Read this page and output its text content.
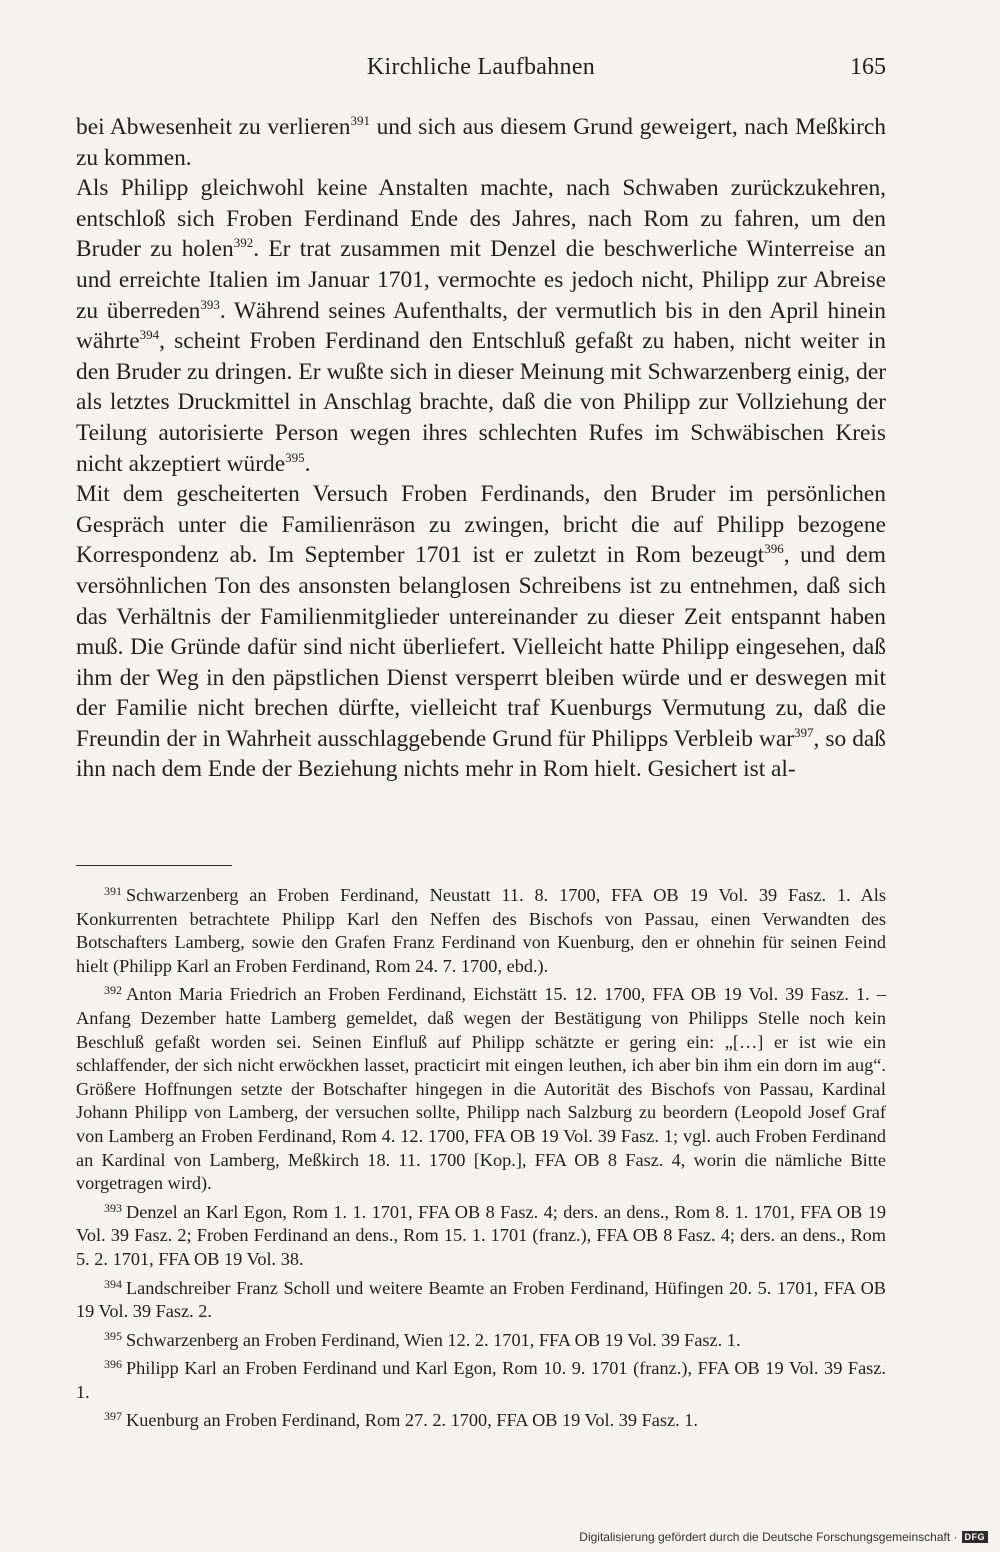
Kirchliche Laufbahnen	165

bei Abwesenheit zu verlieren$^{391}$ und sich aus diesem Grund geweigert, nach Meßkirch zu kommen.

Als Philipp gleichwohl keine Anstalten machte, nach Schwaben zurückzukehren, entschloß sich Froben Ferdinand Ende des Jahres, nach Rom zu fahren, um den Bruder zu holen$^{392}$. Er trat zusammen mit Denzel die beschwerliche Winterreise an und erreichte Italien im Januar 1701, vermochte es jedoch nicht, Philipp zur Abreise zu überreden$^{393}$. Während seines Aufenthalts, der vermutlich bis in den April hinein währte$^{394}$, scheint Froben Ferdinand den Entschluß gefaßt zu haben, nicht weiter in den Bruder zu dringen. Er wußte sich in dieser Meinung mit Schwarzenberg einig, der als letztes Druckmittel in Anschlag brachte, daß die von Philipp zur Vollziehung der Teilung autorisierte Person wegen ihres schlechten Rufes im Schwäbischen Kreis nicht akzeptiert würde$^{395}$.

Mit dem gescheiterten Versuch Froben Ferdinands, den Bruder im persönlichen Gespräch unter die Familienräson zu zwingen, bricht die auf Philipp bezogene Korrespondenz ab. Im September 1701 ist er zuletzt in Rom bezeugt$^{396}$, und dem versöhnlichen Ton des ansonsten belanglosen Schreibens ist zu entnehmen, daß sich das Verhältnis der Familienmitglieder untereinander zu dieser Zeit entspannt haben muß. Die Gründe dafür sind nicht überliefert. Vielleicht hatte Philipp eingesehen, daß ihm der Weg in den päpstlichen Dienst versperrt bleiben würde und er deswegen mit der Familie nicht brechen dürfte, vielleicht traf Kuenburgs Vermutung zu, daß die Freundin der in Wahrheit ausschlaggebende Grund für Philipps Verbleib war$^{397}$, so daß ihn nach dem Ende der Beziehung nichts mehr in Rom hielt. Gesichert ist al-

$^{391}$ Schwarzenberg an Froben Ferdinand, Neustatt 11. 8. 1700, FFA OB 19 Vol. 39 Fasz. 1. Als Konkurrenten betrachtete Philipp Karl den Neffen des Bischofs von Passau, einen Verwandten des Botschafters Lamberg, sowie den Grafen Franz Ferdinand von Kuenburg, den er ohnehin für seinen Feind hielt (Philipp Karl an Froben Ferdinand, Rom 24. 7. 1700, ebd.).

$^{392}$ Anton Maria Friedrich an Froben Ferdinand, Eichstätt 15. 12. 1700, FFA OB 19 Vol. 39 Fasz. 1. – Anfang Dezember hatte Lamberg gemeldet, daß wegen der Bestätigung von Philipps Stelle noch kein Beschluß gefaßt worden sei. Seinen Einfluß auf Philipp schätzte er gering ein: „[…] er ist wie ein schlaffender, der sich nicht erwöckhen lasset, practicirt mit eingen leuthen, ich aber bin ihm ein dorn im aug“. Größere Hoffnungen setzte der Botschafter hingegen in die Autorität des Bischofs von Passau, Kardinal Johann Philipp von Lamberg, der versuchen sollte, Philipp nach Salzburg zu beordern (Leopold Josef Graf von Lamberg an Froben Ferdinand, Rom 4. 12. 1700, FFA OB 19 Vol. 39 Fasz. 1; vgl. auch Froben Ferdinand an Kardinal von Lamberg, Meßkirch 18. 11. 1700 [Kop.], FFA OB 8 Fasz. 4, worin die nämliche Bitte vorgetragen wird).

$^{393}$ Denzel an Karl Egon, Rom 1. 1. 1701, FFA OB 8 Fasz. 4; ders. an dens., Rom 8. 1. 1701, FFA OB 19 Vol. 39 Fasz. 2; Froben Ferdinand an dens., Rom 15. 1. 1701 (franz.), FFA OB 8 Fasz. 4; ders. an dens., Rom 5. 2. 1701, FFA OB 19 Vol. 38.

$^{394}$ Landschreiber Franz Scholl und weitere Beamte an Froben Ferdinand, Hüfingen 20. 5. 1701, FFA OB 19 Vol. 39 Fasz. 2.

$^{395}$ Schwarzenberg an Froben Ferdinand, Wien 12. 2. 1701, FFA OB 19 Vol. 39 Fasz. 1.

$^{396}$ Philipp Karl an Froben Ferdinand und Karl Egon, Rom 10. 9. 1701 (franz.), FFA OB 19 Vol. 39 Fasz. 1.

$^{397}$ Kuenburg an Froben Ferdinand, Rom 27. 2. 1700, FFA OB 19 Vol. 39 Fasz. 1.

Digitalisierung gefördert durch die Deutsche Forschungsgemeinschaft · DFG
